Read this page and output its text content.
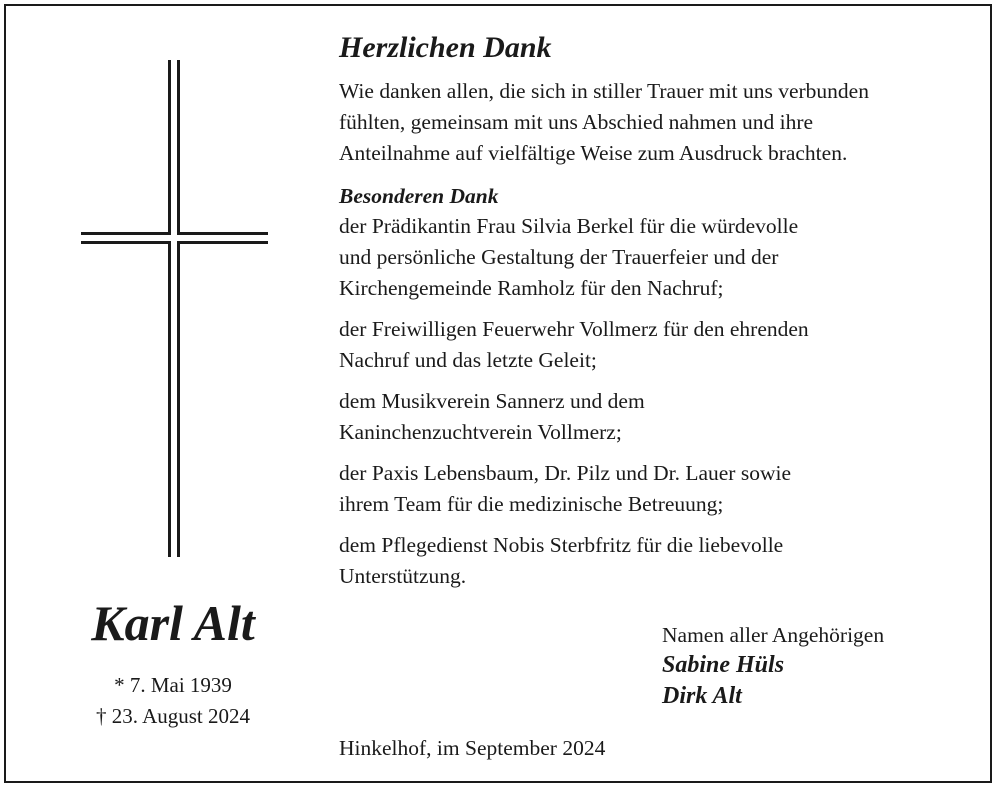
Karl Alt
* 7. Mai 1939
† 23. August 2024
Herzlichen Dank

Wie danken allen, die sich in stiller Trauer mit uns verbunden
fühlten, gemeinsam mit uns Abschied nahmen und ihre
Anteilnahme auf vielfältige Weise zum Ausdruck brachten.

Besonderen Dank

der Prädikantin Frau Silvia Berkel für die würdevolle
und persönliche Gestaltung der Trauerfeier und der
Kirchengemeinde Ramholz für den Nachruf;

der Freiwilligen Feuerwehr Vollmerz für den ehrenden
Nachruf und das letzte Geleit;

dem Musikverein Sannerz und dem
Kaninchenzuchtverein Vollmerz;

der Paxis Lebensbaum, Dr. Pilz und Dr. Lauer sowie
ihrem Team für die medizinische Betreuung;

dem Pflegedienst Nobis Sterbfritz für die liebevolle
Unterstützung.

Namen aller Angehörigen
Sabine Hüls
Dirk Alt
Hinkelhof, im September 2024
